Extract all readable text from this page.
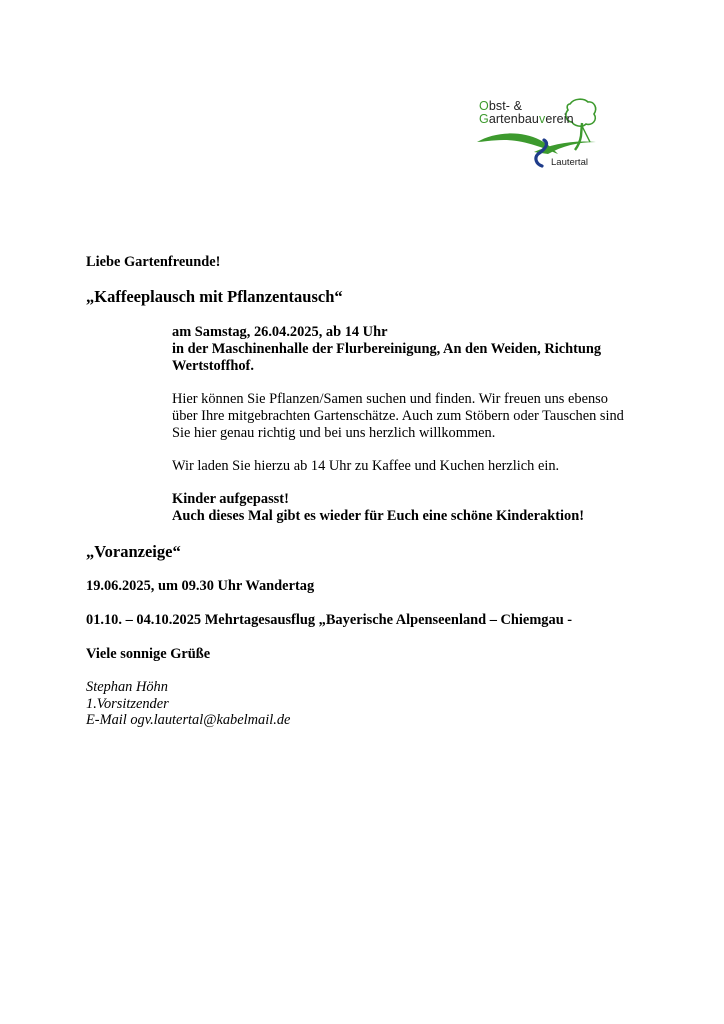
Obst- &
Gartenbauverein
Lautertal
Liebe Gartenfreunde!
„Kaffeeplausch mit Pflanzentausch“
am Samstag, 26.04.2025, ab 14 Uhr
in der Maschinenhalle der Flurbereinigung, An den Weiden, Richtung
Wertstoffhof.
Hier können Sie Pflanzen/Samen suchen und finden. Wir freuen uns ebenso
über Ihre mitgebrachten Gartenschätze. Auch zum Stöbern oder Tauschen sind
Sie hier genau richtig und bei uns herzlich willkommen.
Wir laden Sie hierzu ab 14 Uhr zu Kaffee und Kuchen herzlich ein.
Kinder aufgepasst!
Auch dieses Mal gibt es wieder für Euch eine schöne Kinderaktion!
„Voranzeige“
19.06.2025, um 09.30 Uhr Wandertag
01.10. – 04.10.2025 Mehrtagesausflug „Bayerische Alpenseenland – Chiemgau -
Viele sonnige Grüße
Stephan Höhn
1.Vorsitzender
E-Mail ogv.lautertal@kabelmail.de
